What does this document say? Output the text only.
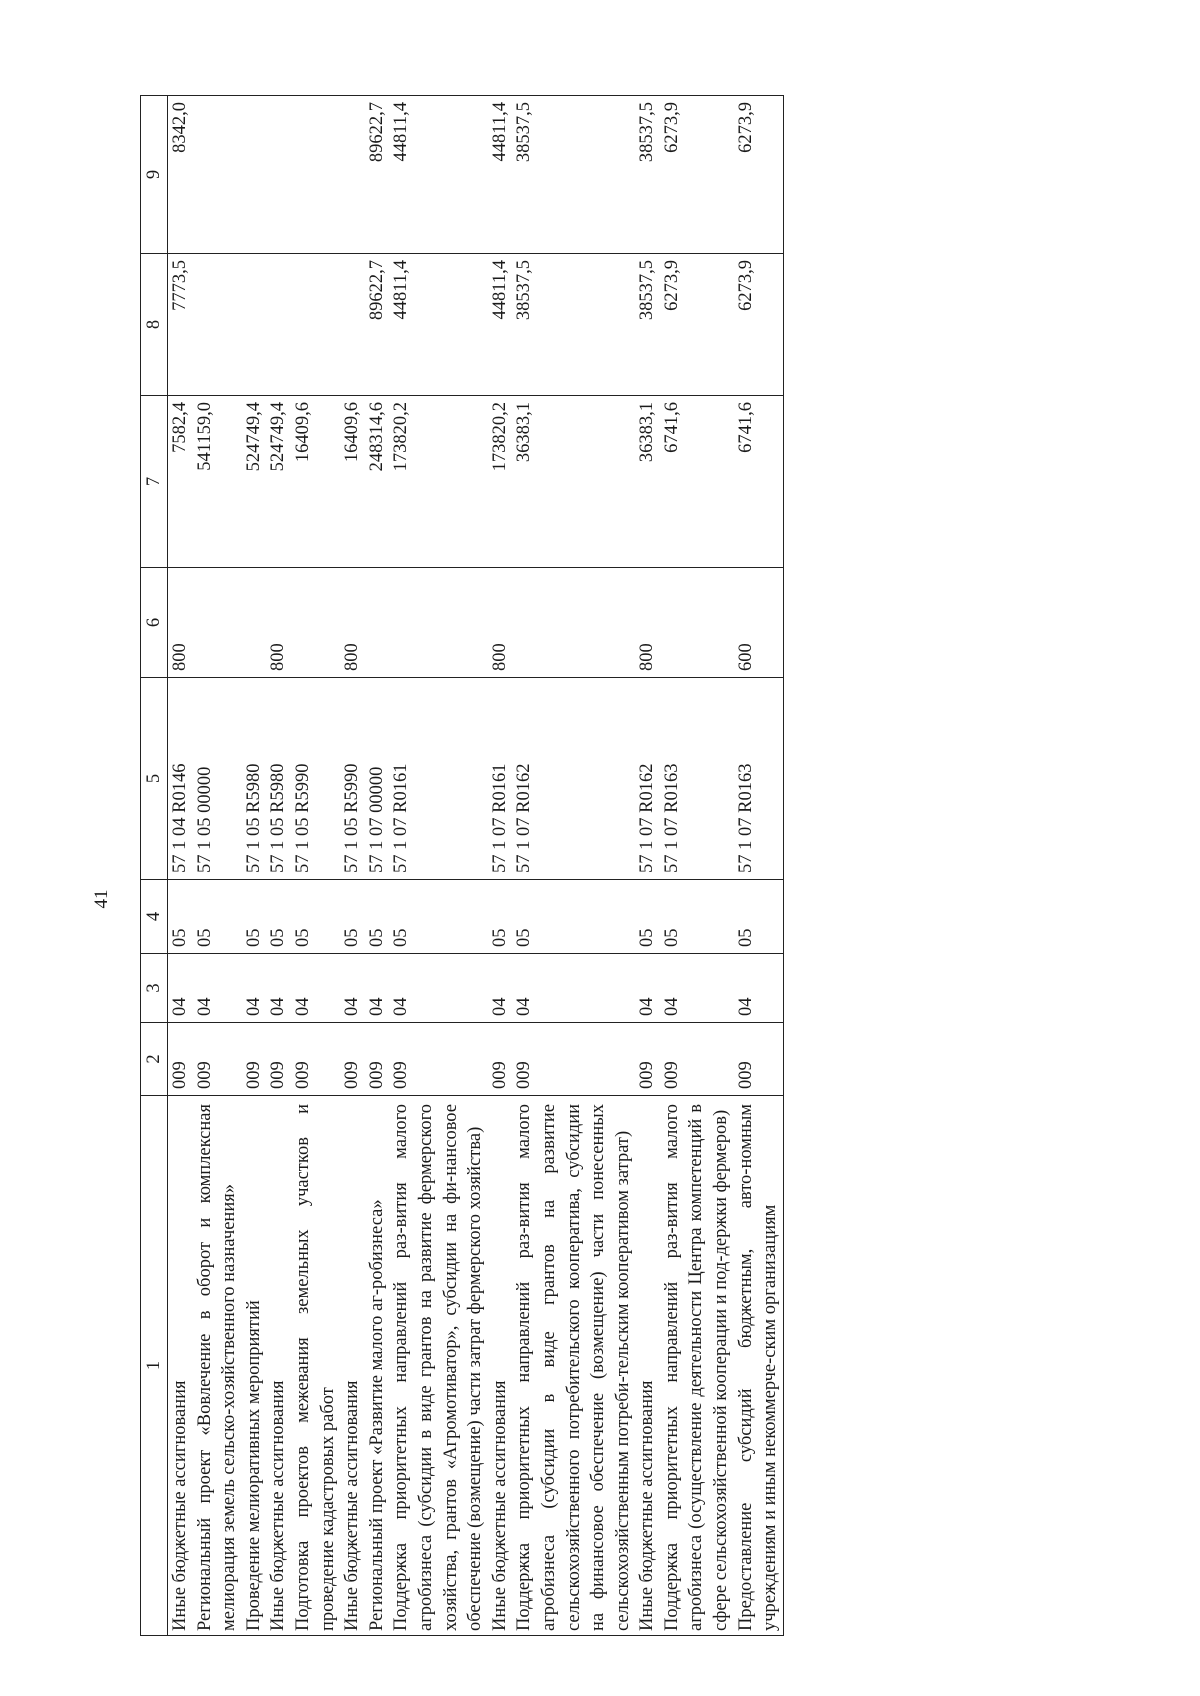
41
1	2	3	4	5	6	7	8	9
Иные бюджетные ассигнования	009	04	05	57 1 04 R0146	800	7582,4	7773,5	8342,0
Региональный проект «Вовлечение в оборот и комплексная мелиорация земель сельско-хозяйственного назначения»	009	04	05	57 1 05 00000		541159,0		
Проведение мелиоративных мероприятий	009	04	05	57 1 05 R5980		524749,4		
Иные бюджетные ассигнования	009	04	05	57 1 05 R5980	800	524749,4		
Подготовка проектов межевания земельных участков и проведение кадастровых работ	009	04	05	57 1 05 R5990		16409,6		
Иные бюджетные ассигнования	009	04	05	57 1 05 R5990	800	16409,6		
Региональный проект «Развитие малого аг-робизнеса»	009	04	05	57 1 07 00000		248314,6	89622,7	89622,7
Поддержка приоритетных направлений раз-вития малого агробизнеса (субсидии в виде грантов на развитие фермерского хозяйства, грантов «Агромотиватор», субсидии на фи-нансовое обеспечение (возмещение) части затрат фермерского хозяйства)	009	04	05	57 1 07 R0161		173820,2	44811,4	44811,4
Иные бюджетные ассигнования	009	04	05	57 1 07 R0161	800	173820,2	44811,4	44811,4
Поддержка приоритетных направлений раз-вития малого агробизнеса (субсидии в виде грантов на развитие сельскохозяйственного потребительского кооператива, субсидии на финансовое обеспечение (возмещение) части понесенных сельскохозяйственным потреби-тельским кооперативом затрат)	009	04	05	57 1 07 R0162		36383,1	38537,5	38537,5
Иные бюджетные ассигнования	009	04	05	57 1 07 R0162	800	36383,1	38537,5	38537,5
Поддержка приоритетных направлений раз-вития малого агробизнеса (осуществление деятельности Центра компетенций в сфере сельскохозяйственной кооперации и под-держки фермеров)	009	04	05	57 1 07 R0163		6741,6	6273,9	6273,9
Предоставление субсидий бюджетным, авто-номным учреждениям и иным некоммерче-ским организациям	009	04	05	57 1 07 R0163	600	6741,6	6273,9	6273,9
